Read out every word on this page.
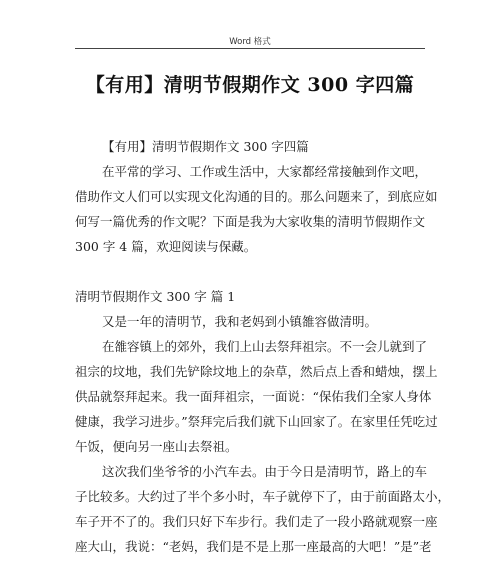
Word 格式
【有用】清明节假期作文 300 字四篇
【有用】清明节假期作文 300 字四篇
在平常的学习、工作或生活中，大家都经常接触到作文吧，
借助作文人们可以实现文化沟通的目的。那么问题来了，到底应如
何写一篇优秀的作文呢？下面是我为大家收集的清明节假期作文
300 字 4 篇，欢迎阅读与保藏。
清明节假期作文 300 字 篇 1
又是一年的清明节，我和老妈到小镇雒容做清明。
在雒容镇上的郊外，我们上山去祭拜祖宗。不一会儿就到了
祖宗的坟地，我们先铲除坟地上的杂草，然后点上香和蜡烛，摆上
供品就祭拜起来。我一面拜祖宗，一面说：“保佑我们全家人身体
健康，我学习进步。”祭拜完后我们就下山回家了。在家里任凭吃过
午饭，便向另一座山去祭祖。
这次我们坐爷爷的小汽车去。由于今日是清明节，路上的车
子比较多。大约过了半个多小时，车子就停下了，由于前面路太小，
车子开不了的。我们只好下车步行。我们走了一段小路就观察一座
座大山，我说：“老妈，我们是不是上那一座最高的大吧！”是”老
